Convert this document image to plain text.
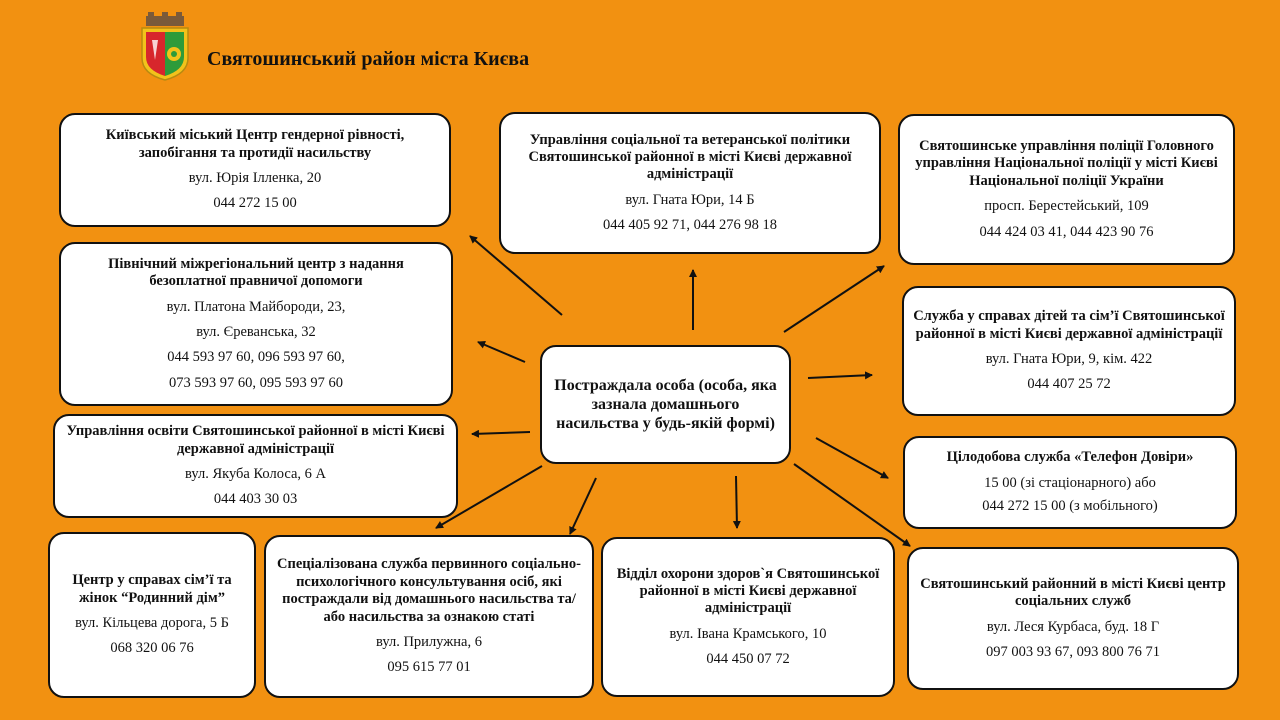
Святошинський район міста Києва
Постраждала особа (особа, яка зазнала домашнього насильства у будь-якій формі)
Київський міський Центр гендерної рівності, запобігання та протидії насильству
вул. Юрія Ілленка, 20
044 272 15 00
Північний міжрегіональний центр з надання безоплатної правничої допомоги
вул. Платона Майбороди, 23,
вул. Єреванська, 32
044 593 97 60, 096 593 97 60,
073 593 97 60, 095 593 97 60
Управління освіти Святошинської районної в місті Києві державної адміністрації
вул. Якуба Колоса, 6 А
044 403 30 03
Управління соціальної та ветеранської політики Святошинської районної в місті Києві державної адміністрації
вул. Гната Юри, 14 Б
044 405 92 71, 044 276 98 18
Святошинське управління поліції Головного управління Національної поліції у місті Києві Національної поліції України
просп. Берестейський, 109
044 424 03 41, 044 423 90 76
Служба у справах дітей та сім’ї Святошинської районної в місті Києві державної адміністрації
вул. Гната Юри, 9, кім. 422
044 407 25 72
Цілодобова служба «Телефон Довіри»
15 00 (зі стаціонарного) або
044 272 15 00 (з мобільного)
Святошинський районний в місті Києві центр соціальних служб
вул. Леся Курбаса, буд. 18 Г
097 003 93 67, 093 800 76 71
Центр у справах сім’ї та жінок “Родинний дім”
вул. Кільцева дорога, 5 Б
068 320 06 76
Спеціалізована служба первинного соціально-психологічного консультування осіб, які постраждали від домашнього насильства та/або насильства за ознакою статі
вул. Прилужна, 6
095 615 77 01
Відділ охорони здоров`я Святошинської районної в місті Києві державної адміністрації
вул. Івана Крамського, 10
044 450 07 72
